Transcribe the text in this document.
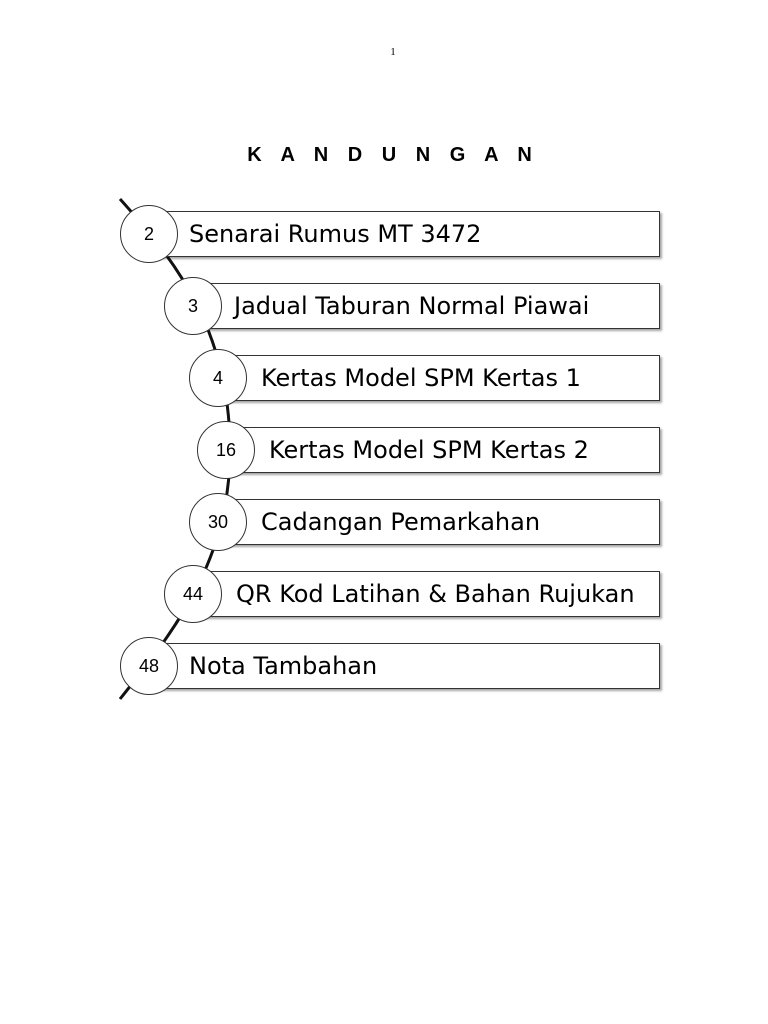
1
K A N D U N G A N
Senarai Rumus MT 3472
2
Jadual Taburan Normal Piawai
3
Kertas Model SPM Kertas 1
4
Kertas Model SPM Kertas 2
16
Cadangan Pemarkahan
30
QR Kod Latihan & Bahan Rujukan
44
Nota Tambahan
48
